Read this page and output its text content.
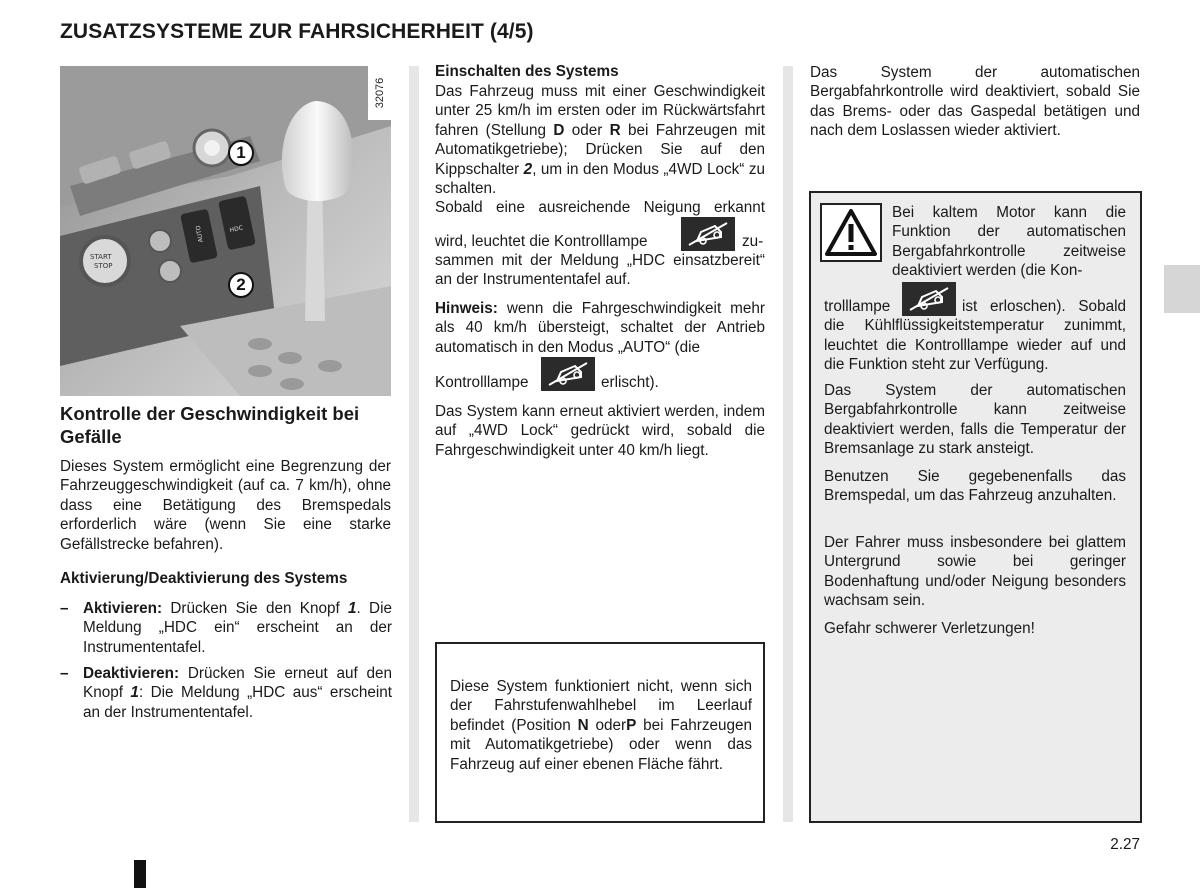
ZUSATZSYSTEME ZUR FAHRSICHERHEIT (4/5)
AUTO	HDC
START
STOP
32076
1
2
Kontrolle der Geschwindigkeit bei Gefälle

Dieses System ermöglicht eine Begrenzung der Fahrzeuggeschwindigkeit (auf ca. 7 km/h), ohne dass eine Betätigung des Bremspedals erforderlich wäre (wenn Sie eine starke Gefällstrecke befahren).

Aktivierung/Deaktivierung des Systems
– Aktivieren: Drücken Sie den Knopf 1. Die Meldung „HDC ein“ erscheint an der Instrumententafel.
– Deaktivieren: Drücken Sie erneut auf den Knopf 1: Die Meldung „HDC aus“ erscheint an der Instrumententafel.
Einschalten des Systems

Das Fahrzeug muss mit einer Geschwindigkeit unter 25 km/h im ersten oder im Rückwärtsfahrt fahren (Stellung D oder R bei Fahrzeugen mit Automatikgetriebe); Drücken Sie auf den Kippschalter 2, um in den Modus „4WD Lock“ zu schalten.

Sobald eine ausreichende Neigung erkannt
wird, leuchtet die Kontrolllampe	zu-

sammen mit der Meldung „HDC einsatzbereit“ an der Instrumententafel auf.

Hinweis: wenn die Fahrgeschwindigkeit mehr als 40 km/h übersteigt, schaltet der Antrieb automatisch in den Modus „AUTO“ (die

Kontrolllampe	erlischt).

Das System kann erneut aktiviert werden, indem auf „4WD Lock“ gedrückt wird, sobald die Fahrgeschwindigkeit unter 40 km/h liegt.

Diese System funktioniert nicht, wenn sich der Fahrstufenwahlhebel im Leerlauf befindet (Position N oderP bei Fahrzeugen mit Automatikgetriebe) oder wenn das Fahrzeug auf einer ebenen Fläche fährt.

Das System der automatischen Bergabfahrkontrolle wird deaktiviert, sobald Sie das Brems- oder das Gaspedal betätigen und nach dem Loslassen wieder aktiviert.

Bei kaltem Motor kann die Funktion der automatischen Bergabfahrkontrolle zeitweise deaktiviert werden (die Kon-

trolllampe	ist erloschen). Sobald die Kühlflüssigkeitstemperatur zunimmt, leuchtet die Kontrolllampe wieder auf und die Funktion steht zur Verfügung.

Das System der automatischen Bergabfahrkontrolle kann zeitweise deaktiviert werden, falls die Temperatur der Bremsanlage zu stark ansteigt.

Benutzen Sie gegebenenfalls das Bremspedal, um das Fahrzeug anzuhalten.

Der Fahrer muss insbesondere bei glattem Untergrund sowie bei geringer Bodenhaftung und/oder Neigung besonders wachsam sein.

Gefahr schwerer Verletzungen!

2.27
